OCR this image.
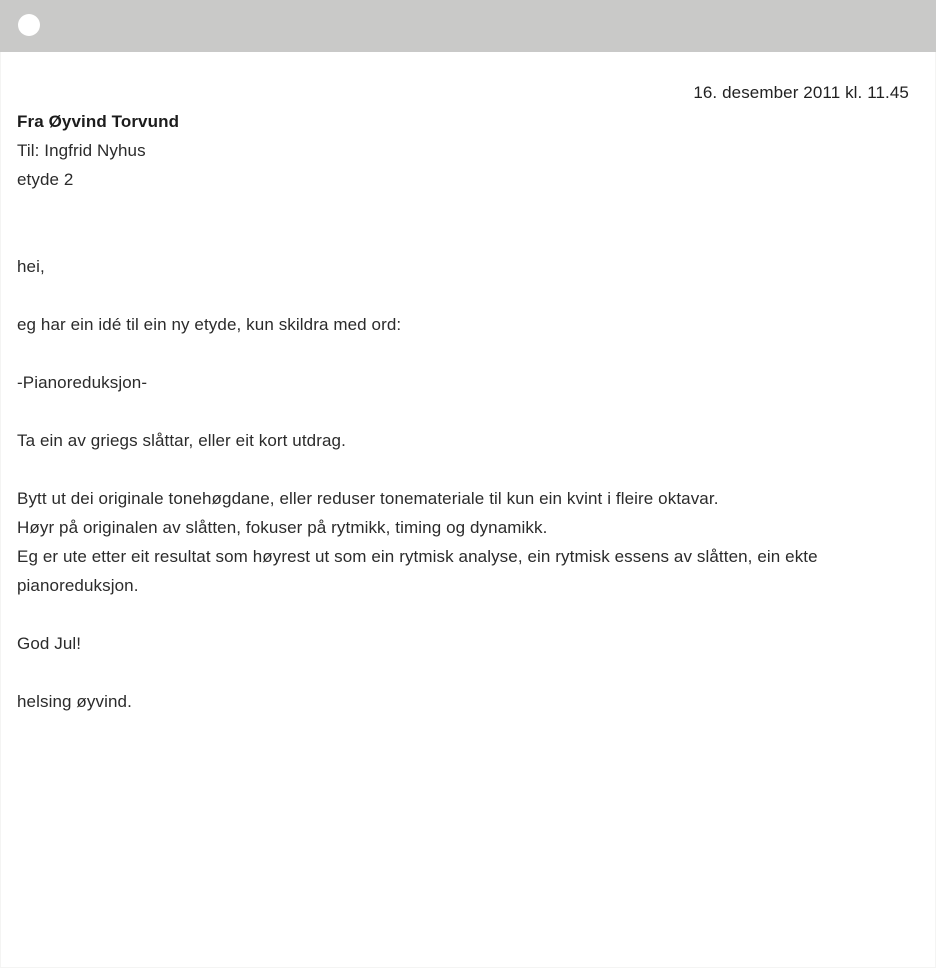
16. desember 2011 kl. 11.45
Fra Øyvind Torvund
Til: Ingfrid Nyhus
etyde 2
hei,
eg har ein idé til ein ny etyde, kun skildra med ord:
-Pianoreduksjon-
Ta ein av griegs slåttar, eller eit kort utdrag.
Bytt ut dei originale tonehøgdane, eller reduser tonemateriale til kun ein kvint i fleire oktavar.
Høyr på originalen av slåtten, fokuser på rytmikk, timing og dynamikk.
Eg er ute etter eit resultat som høyrest ut som ein rytmisk analyse, ein rytmisk essens av slåtten, ein ekte pianoreduksjon.
God Jul!
helsing øyvind.
